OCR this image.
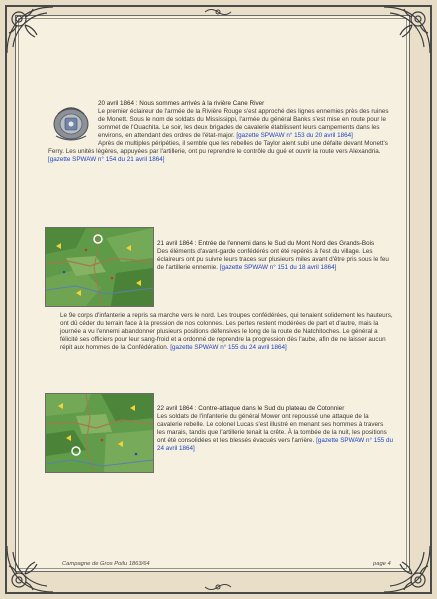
20 avril 1864 : Nous sommes arrivés à la rivière Cane River
Le premier éclaireur de l'armée de la Rivière Rouge s'est approché des lignes ennemies près des ruines de Monett. Sous le nom de soldats du Mississippi, l'armée du général Banks s'est mise en route pour le sommet de l'Ouachita. Le soir, les deux brigades de cavalerie établissent leurs campements dans les environs, en attendant des ordres de l'état-major. [gazette SPWAW n° 153 du 20 avril 1864]

Après de multiples péripéties, il semble que les rebelles de Taylor aient subi une défaite devant Monett's Ferry. Les unités légères, appuyées par l'artillerie, ont pu reprendre le contrôle du gué et ouvrir la route vers Alexandria. [gazette SPWAW n° 154 du 21 avril 1864]

21 avril 1864 : Entrée de l'ennemi dans le Sud du Mont Nord des Grands-Bois
Des éléments d'avant-garde confédérés ont été repérés à l'est du village. Les éclaireurs ont pu suivre leurs traces sur plusieurs miles avant d'être pris sous le feu de l'artillerie ennemie. [gazette SPWAW n° 151 du 18 avril 1864]

Le 9e corps d'infanterie a repris sa marche vers le nord. Les troupes confédérées, qui tenaient solidement les hauteurs, ont dû céder du terrain face à la pression de nos colonnes. Les pertes restent modérées de part et d'autre, mais la journée a vu l'ennemi abandonner plusieurs positions défensives le long de la route de Natchitoches. Le général a félicité ses officiers pour leur sang-froid et a ordonné de reprendre la progression dès l'aube, afin de ne laisser aucun répit aux hommes de la Confédération. [gazette SPWAW n° 155 du 24 avril 1864]

22 avril 1864 : Contre-attaque dans le Sud du plateau de Cotonnier
Les soldats de l'infanterie du général Mower ont repoussé une attaque de la cavalerie rebelle. Le colonel Lucas s'est illustré en menant ses hommes à travers les marais, tandis que l'artillerie tenait la crête. À la tombée de la nuit, les positions ont été consolidées et les blessés évacués vers l'arrière. [gazette SPWAW n° 155 du 24 avril 1864]

Campagne de Gros Poilu 1863/64	page 4
